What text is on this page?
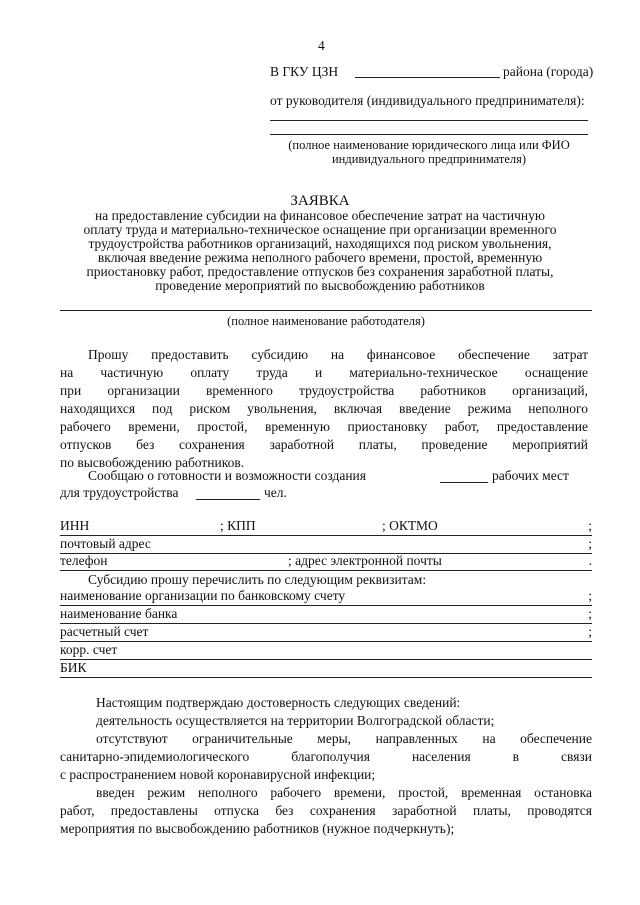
4
В ГКУ ЦЗН	района (города)
от руководителя (индивидуального предпринимателя):
(полное наименование юридического лица или ФИО
индивидуального предпринимателя)
ЗАЯВКА
на предоставление субсидии на финансовое обеспечение затрат на частичную
оплату труда и материально-техническое оснащение при организации временного
трудоустройства работников организаций, находящихся под риском увольнения,
включая введение режима неполного рабочего времени, простой, временную
приостановку работ, предоставление отпусков без сохранения заработной платы,
проведение мероприятий по высвобождению работников
(полное наименование работодателя)
Прошу предоставить субсидию на финансовое обеспечение затрат
на частичную оплату труда и материально-техническое оснащение
при организации временного трудоустройства работников организаций,
находящихся под риском увольнения, включая введение режима неполного
рабочего времени, простой, временную приостановку работ, предоставление
отпусков без сохранения заработной платы, проведение мероприятий
по высвобождению работников.
Сообщаю о готовности и возможности создания	рабочих мест
для трудоустройства	чел.
ИНН	; КПП	; ОКТМО	;
почтовый адрес	;
телефон	; адрес электронной почты	.
Субсидию прошу перечислить по следующим реквизитам:
наименование организации по банковскому счету	;
наименование банка	;
расчетный счет	;
корр. счет
БИК
Настоящим подтверждаю достоверность следующих сведений:
деятельность осуществляется на территории Волгоградской области;
отсутствуют ограничительные меры, направленных на обеспечение
санитарно-эпидемиологического благополучия населения в связи
с распространением новой коронавирусной инфекции;
введен режим неполного рабочего времени, простой, временная остановка
работ, предоставлены отпуска без сохранения заработной платы, проводятся
мероприятия по высвобождению работников (нужное подчеркнуть);
